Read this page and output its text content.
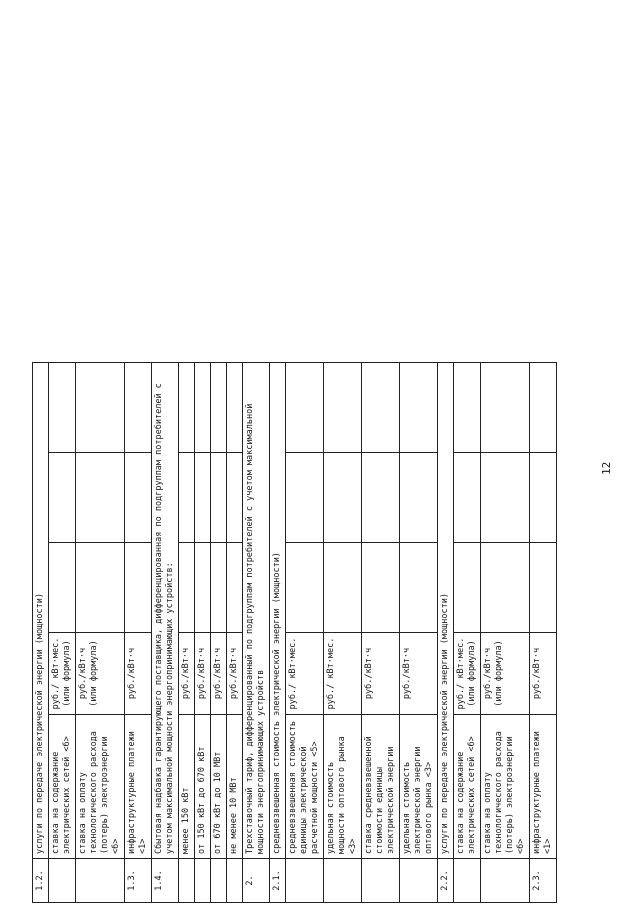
1.2.	услуги по передаче электрической энергии (мощности)				
	ставка на содержание электрических сетей <6>	руб./ кВт·мес. (или формула)			
	ставка на оплату технологического расхода (потерь) электроэнергии <6>	руб./кВт·ч (или формула)			
1.3.	инфраструктурные платежи <1>	руб./кВт·ч			
1.4.	Сбытовая надбавка гарантирующего поставщика, дифференцированная по подгруппам потребителей с учетом максимальной мощности энергопринимающих устройств:				
	менее 150 кВт	руб./кВт·ч			
	от 150 кВт до 670 кВт	руб./кВт·ч			
	от 670 кВт до 10 МВт	руб./кВт·ч			
	не менее 10 МВт	руб./кВт·ч			
2.	Трехставочный тариф, дифференцированный по подгруппам потребителей с учетом максимальной мощности энергопринимающих устройств				
2.1.	средневзвешенная стоимость электрической энергии (мощности)				
	средневзвешенная стоимость единицы электрической расчетной мощности <5>	руб./ кВт·мес.			
	удельная стоимость мощности оптового рынка <3>	руб./ кВт·мес.			
	ставка средневзвешенной стоимости единицы электрической энергии	руб./кВт·ч			
	удельная стоимость электрической энергии оптового рынка <3>	руб./кВт·ч			
2.2.	услуги по передаче электрической энергии (мощности)				
	ставка на содержание электрических сетей <6>	руб./ кВт·мес. (или формула)			
	ставка на оплату технологического расхода (потерь) электроэнергии <6>	руб./кВт·ч (или формула)			
2.3.	инфраструктурные платежи <1>	руб./кВт·ч			
12
